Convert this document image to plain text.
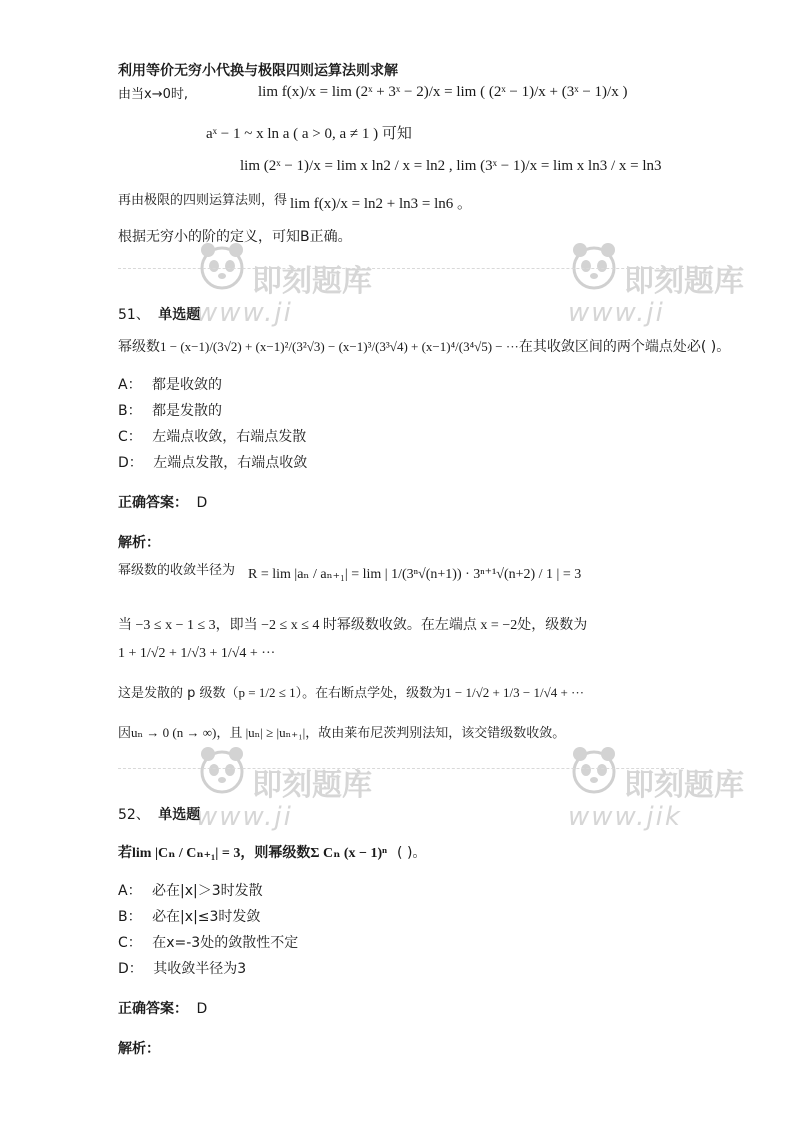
即刻题库
www.ji
即刻题库
www.ji
即刻题库
www.ji
即刻题库
www.jik
利用等价无穷小代换与极限四则运算法则求解
由当x→0时,	lim f(x)/x = lim (2ˣ + 3ˣ − 2)/x = lim ( (2ˣ − 1)/x + (3ˣ − 1)/x )
aˣ − 1 ~ x ln a ( a > 0, a ≠ 1 ) 可知
lim (2ˣ − 1)/x = lim x ln2 / x = ln2 , lim (3ˣ − 1)/x = lim x ln3 / x = ln3
再由极限的四则运算法则，得 lim f(x)/x = ln2 + ln3 = ln6 。
根据无穷小的阶的定义，可知B正确。
51、 单选题
幂级数1 − (x−1)/(3√2) + (x−1)²/(3²√3) − (x−1)³/(3³√4) + (x−1)⁴/(3⁴√5) − ···在其收敛区间的两个端点处必( )。
A： 都是收敛的
B： 都是发散的
C： 左端点收敛，右端点发散
D： 左端点发散，右端点收敛
正确答案： D
解析：
幂级数的收敛半径为 R = lim |aₙ / aₙ₊₁| = lim | 1/(3ⁿ√(n+1)) · 3ⁿ⁺¹√(n+2) / 1 | = 3
当 −3 ≤ x − 1 ≤ 3，即当 −2 ≤ x ≤ 4 时幂级数收敛。在左端点 x = −2处，级数为
1 + 1/√2 + 1/√3 + 1/√4 + ···
这是发散的 p 级数（p = 1/2 ≤ 1）。在右断点学处，级数为1 − 1/√2 + 1/3 − 1/√4 + ···
因uₙ → 0 (n → ∞)，且 |uₙ| ≥ |uₙ₊₁|，故由莱布尼茨判别法知，该交错级数收敛。
52、 单选题
若lim |Cₙ / Cₙ₊₁| = 3，则幂级数Σ Cₙ (x − 1)ⁿ ( )。
A： 必在|x|＞3时发散
B： 必在|x|≤3时发敛
C： 在x=-3处的敛散性不定
D： 其收敛半径为3
正确答案： D
解析：
